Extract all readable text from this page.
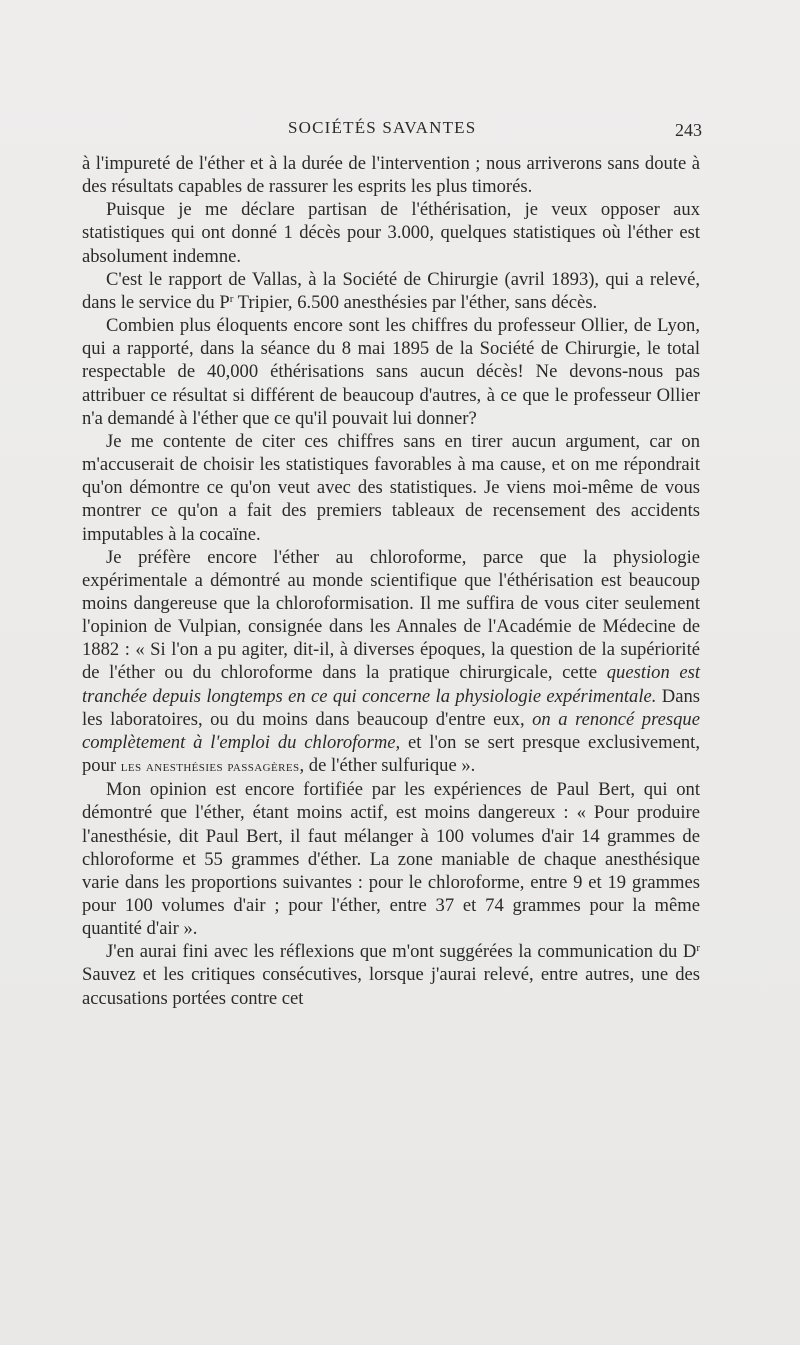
SOCIÉTÉS SAVANTES	243

à l'impureté de l'éther et à la durée de l'intervention ; nous arriverons sans doute à des résultats capables de rassurer les esprits les plus timorés.

Puisque je me déclare partisan de l'éthérisation, je veux opposer aux statistiques qui ont donné 1 décès pour 3.000, quelques statistiques où l'éther est absolument indemne.

C'est le rapport de Vallas, à la Société de Chirurgie (avril 1893), qui a relevé, dans le service du $P^r$ Tripier, 6.500 anesthésies par l'éther, sans décès.

Combien plus éloquents encore sont les chiffres du professeur Ollier, de Lyon, qui a rapporté, dans la séance du 8 mai 1895 de la Société de Chirurgie, le total respectable de 40,000 éthérisations sans aucun décès! Ne devons-nous pas attribuer ce résultat si différent de beaucoup d'autres, à ce que le professeur Ollier n'a demandé à l'éther que ce qu'il pouvait lui donner?

Je me contente de citer ces chiffres sans en tirer aucun argument, car on m'accuserait de choisir les statistiques favorables à ma cause, et on me répondrait qu'on démontre ce qu'on veut avec des statistiques. Je viens moi-même de vous montrer ce qu'on a fait des premiers tableaux de recensement des accidents imputables à la cocaïne.

Je préfère encore l'éther au chloroforme, parce que la physiologie expérimentale a démontré au monde scientifique que l'éthérisation est beaucoup moins dangereuse que la chloroformisation. Il me suffira de vous citer seulement l'opinion de Vulpian, consignée dans les Annales de l'Académie de Médecine de 1882 : « Si l'on a pu agiter, dit-il, à diverses époques, la question de la supériorité de l'éther ou du chloroforme dans la pratique chirurgicale, cette question est tranchée depuis longtemps en ce qui concerne la physiologie expérimentale. Dans les laboratoires, ou du moins dans beaucoup d'entre eux, on a renoncé presque complètement à l'emploi du chloroforme, et l'on se sert presque exclusivement, pour les anesthésies passagères, de l'éther sulfurique ».

Mon opinion est encore fortifiée par les expériences de Paul Bert, qui ont démontré que l'éther, étant moins actif, est moins dangereux : « Pour produire l'anesthésie, dit Paul Bert, il faut mélanger à 100 volumes d'air 14 grammes de chloroforme et 55 grammes d'éther. La zone maniable de chaque anesthésique varie dans les proportions suivantes : pour le chloroforme, entre 9 et 19 grammes pour 100 volumes d'air ; pour l'éther, entre 37 et 74 grammes pour la même quantité d'air ».

J'en aurai fini avec les réflexions que m'ont suggérées la communication du $D^r$ Sauvez et les critiques consécutives, lorsque j'aurai relevé, entre autres, une des accusations portées contre cet
